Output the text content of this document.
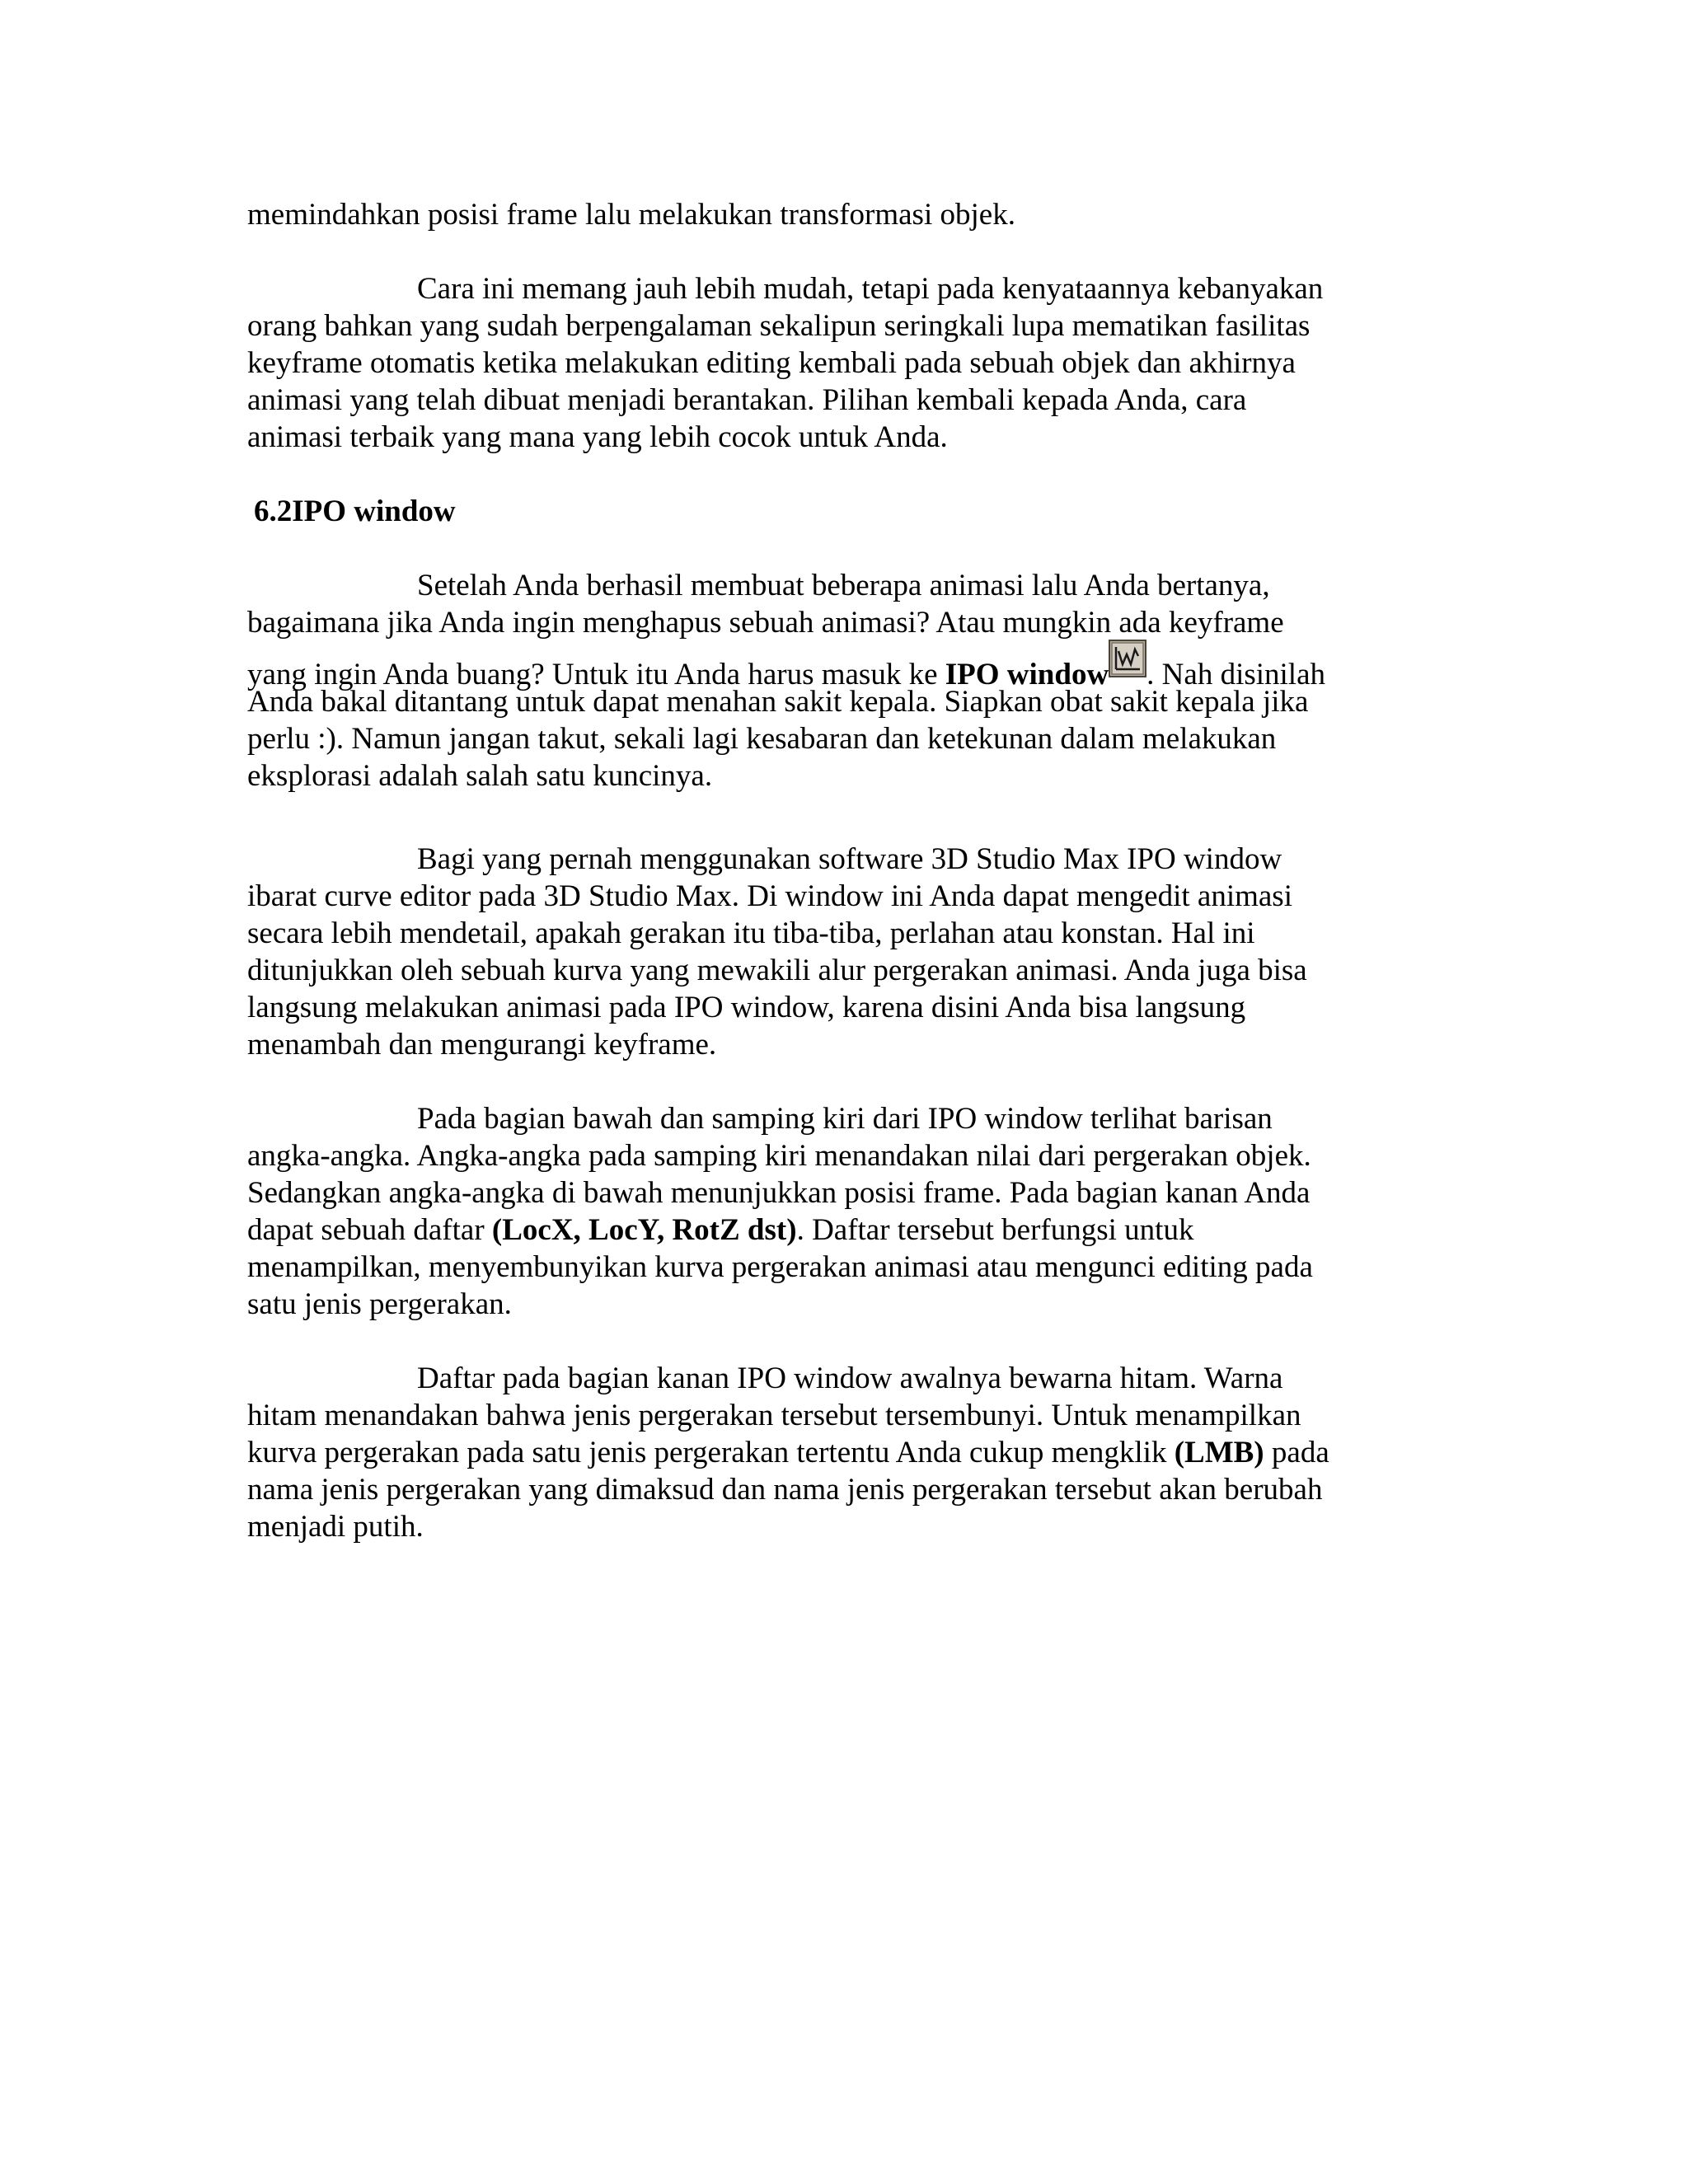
memindahkan posisi frame lalu melakukan transformasi objek.
Cara ini memang jauh lebih mudah, tetapi pada kenyataannya kebanyakan
orang bahkan yang sudah berpengalaman sekalipun seringkali lupa mematikan fasilitas
keyframe otomatis ketika melakukan editing kembali pada sebuah objek dan akhirnya
animasi yang telah dibuat menjadi berantakan. Pilihan kembali kepada Anda, cara
animasi terbaik yang mana yang lebih cocok untuk Anda.
6.2IPO window
Setelah Anda berhasil membuat beberapa animasi lalu Anda bertanya,
bagaimana jika Anda ingin menghapus sebuah animasi? Atau mungkin ada keyframe
yang ingin Anda buang? Untuk itu Anda harus masuk ke IPO window . Nah disinilah
Anda bakal ditantang untuk dapat menahan sakit kepala. Siapkan obat sakit kepala jika
perlu :). Namun jangan takut, sekali lagi kesabaran dan ketekunan dalam melakukan
eksplorasi adalah salah satu kuncinya.
Bagi yang pernah menggunakan software 3D Studio Max IPO window
ibarat curve editor pada 3D Studio Max. Di window ini Anda dapat mengedit animasi
secara lebih mendetail, apakah gerakan itu tiba-tiba, perlahan atau konstan. Hal ini
ditunjukkan oleh sebuah kurva yang mewakili alur pergerakan animasi. Anda juga bisa
langsung melakukan animasi pada IPO window, karena disini Anda bisa langsung
menambah dan mengurangi keyframe.
Pada bagian bawah dan samping kiri dari IPO window terlihat barisan
angka-angka. Angka-angka pada samping kiri menandakan nilai dari pergerakan objek.
Sedangkan angka-angka di bawah menunjukkan posisi frame. Pada bagian kanan Anda
dapat sebuah daftar (LocX, LocY, RotZ dst). Daftar tersebut berfungsi untuk
menampilkan, menyembunyikan kurva pergerakan animasi atau mengunci editing pada
satu jenis pergerakan.
Daftar pada bagian kanan IPO window awalnya bewarna hitam. Warna
hitam menandakan bahwa jenis pergerakan tersebut tersembunyi. Untuk menampilkan
kurva pergerakan pada satu jenis pergerakan tertentu Anda cukup mengklik (LMB) pada
nama jenis pergerakan yang dimaksud dan nama jenis pergerakan tersebut akan berubah
menjadi putih.
